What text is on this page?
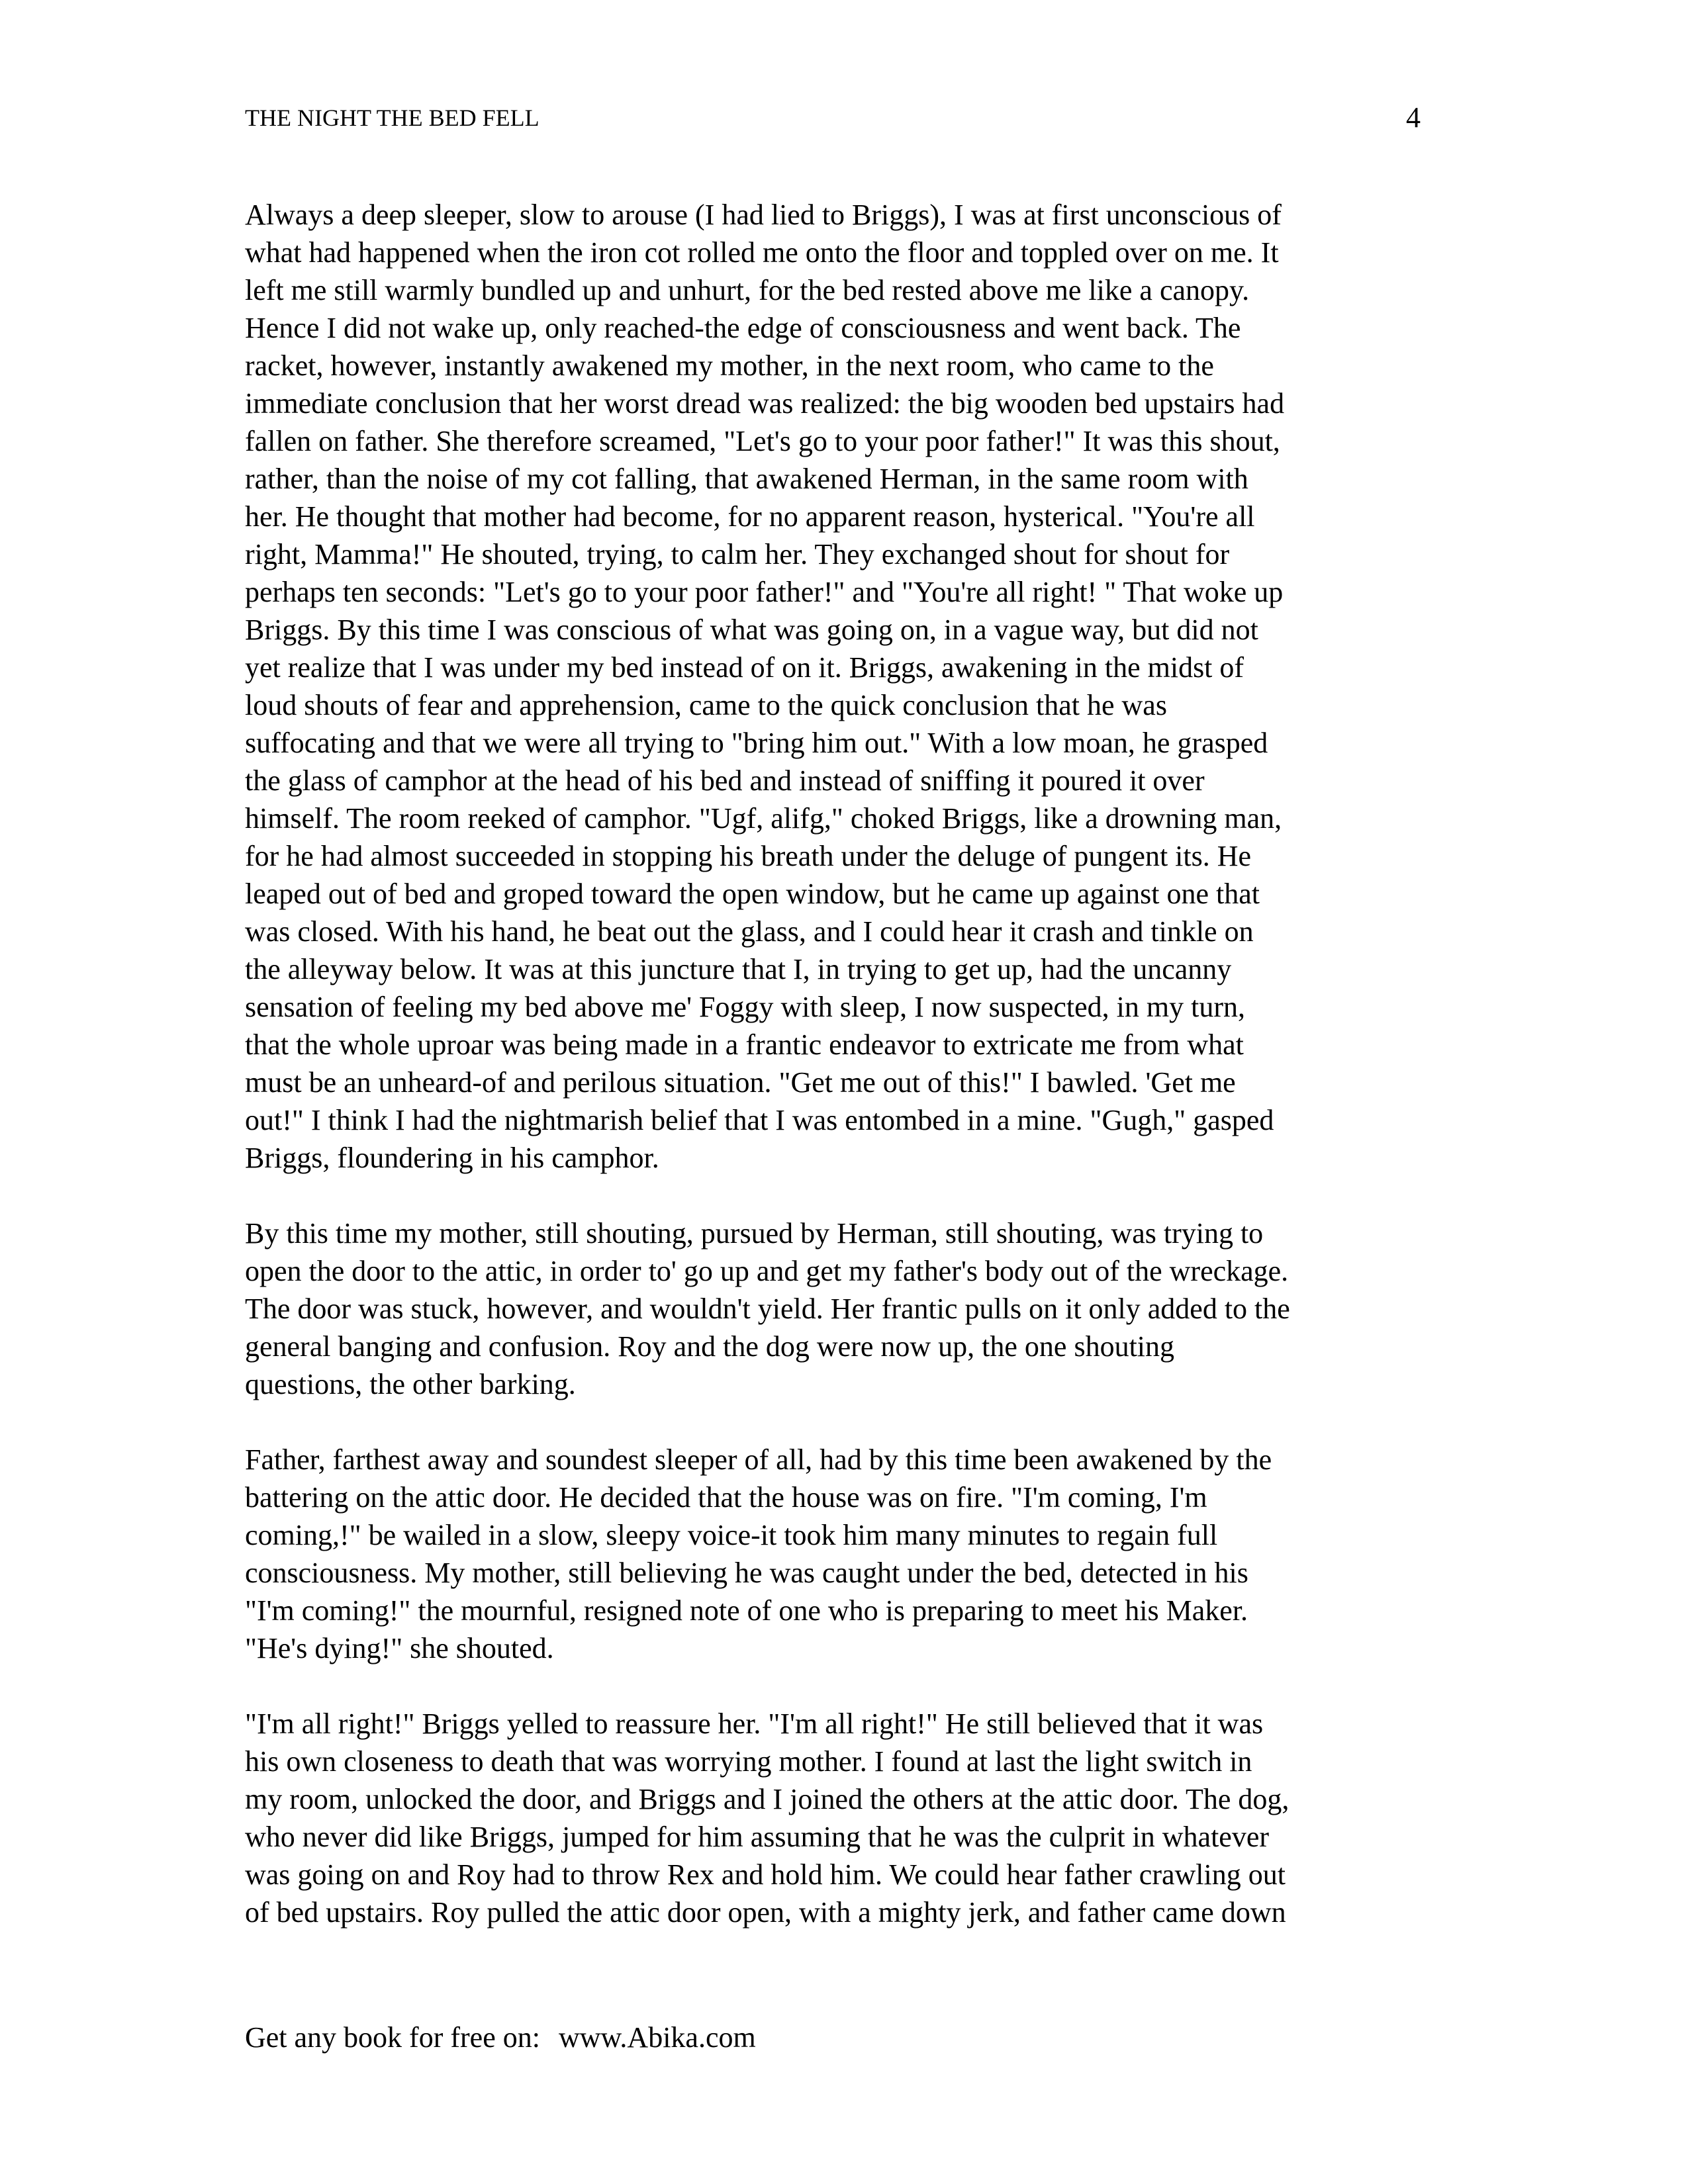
THE NIGHT THE BED FELL	4
Always a deep sleeper, slow to arouse (I had lied to Briggs), I was at first unconscious of
what had happened when the iron cot rolled me onto the floor and toppled over on me. It
left me still warmly bundled up and unhurt, for the bed rested above me like a canopy.
Hence I did not wake up, only reached-the edge of consciousness and went back. The
racket, however, instantly awakened my mother, in the next room, who came to the
immediate conclusion that her worst dread was realized: the big wooden bed upstairs had
fallen on father. She therefore screamed, "Let's go to your poor father!" It was this shout,
rather, than the noise of my cot falling, that awakened Herman, in the same room with
her. He thought that mother had become, for no apparent reason, hysterical. "You're all
right, Mamma!" He shouted, trying, to calm her. They exchanged shout for shout for
perhaps ten seconds: "Let's go to your poor father!" and "You're all right! " That woke up
Briggs. By this time I was conscious of what was going on, in a vague way, but did not
yet realize that I was under my bed instead of on it. Briggs, awakening in the midst of
loud shouts of fear and apprehension, came to the quick conclusion that he was
suffocating and that we were all trying to "bring him out." With a low moan, he grasped
the glass of camphor at the head of his bed and instead of sniffing it poured it over
himself. The room reeked of camphor. "Ugf, alifg," choked Briggs, like a drowning man,
for he had almost succeeded in stopping his breath under the deluge of pungent its. He
leaped out of bed and groped toward the open window, but he came up against one that
was closed. With his hand, he beat out the glass, and I could hear it crash and tinkle on
the alleyway below. It was at this juncture that I, in trying to get up, had the uncanny
sensation of feeling my bed above me' Foggy with sleep, I now suspected, in my turn,
that the whole uproar was being made in a frantic endeavor to extricate me from what
must be an unheard-of and perilous situation. "Get me out of this!" I bawled. 'Get me
out!" I think I had the nightmarish belief that I was entombed in a mine. "Gugh," gasped
Briggs, floundering in his camphor.
By this time my mother, still shouting, pursued by Herman, still shouting, was trying to
open the door to the attic, in order to' go up and get my father's body out of the wreckage.
The door was stuck, however, and wouldn't yield. Her frantic pulls on it only added to the
general banging and confusion. Roy and the dog were now up, the one shouting
questions, the other barking.
Father, farthest away and soundest sleeper of all, had by this time been awakened by the
battering on the attic door. He decided that the house was on fire. "I'm coming, I'm
coming,!" be wailed in a slow, sleepy voice-it took him many minutes to regain full
consciousness. My mother, still believing he was caught under the bed, detected in his
"I'm coming!" the mournful, resigned note of one who is preparing to meet his Maker.
"He's dying!" she shouted.
"I'm all right!" Briggs yelled to reassure her. "I'm all right!" He still believed that it was
his own closeness to death that was worrying mother. I found at last the light switch in
my room, unlocked the door, and Briggs and I joined the others at the attic door. The dog,
who never did like Briggs, jumped for him assuming that he was the culprit in whatever
was going on and Roy had to throw Rex and hold him. We could hear father crawling out
of bed upstairs. Roy pulled the attic door open, with a mighty jerk, and father came down
Get any book for free on: www.Abika.com
